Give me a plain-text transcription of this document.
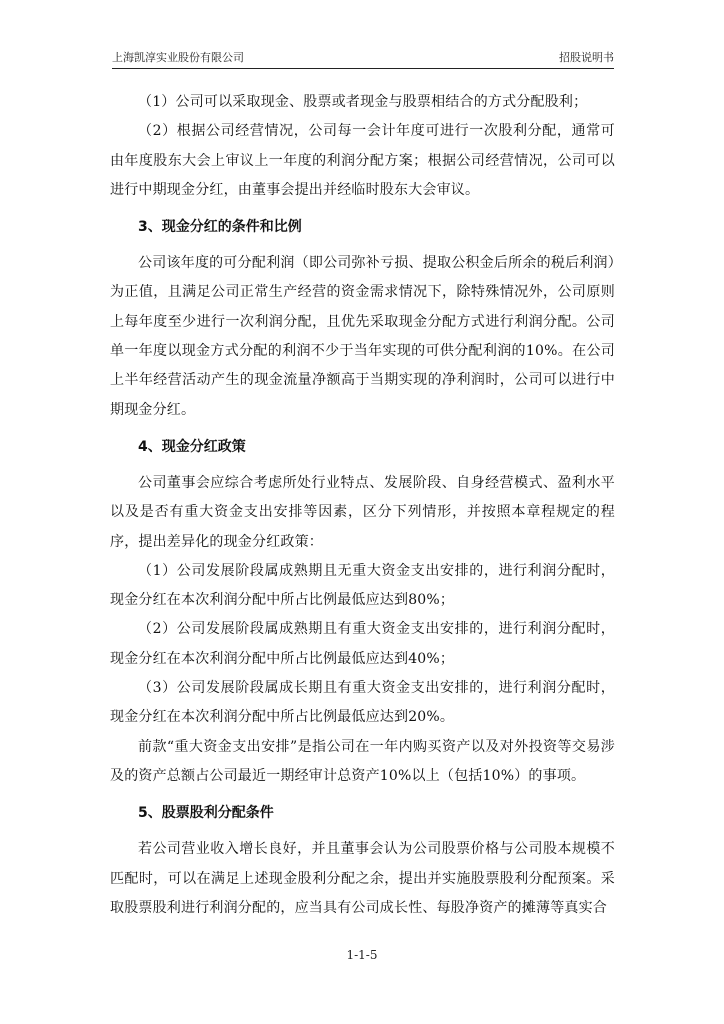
上海凯淳实业股份有限公司	招股说明书

（1）公司可以采取现金、股票或者现金与股票相结合的方式分配股利；

（2）根据公司经营情况，公司每一会计年度可进行一次股利分配，通常可由年度股东大会上审议上一年度的利润分配方案；根据公司经营情况，公司可以进行中期现金分红，由董事会提出并经临时股东大会审议。

3、现金分红的条件和比例

公司该年度的可分配利润（即公司弥补亏损、提取公积金后所余的税后利润）为正值，且满足公司正常生产经营的资金需求情况下，除特殊情况外，公司原则上每年度至少进行一次利润分配，且优先采取现金分配方式进行利润分配。公司单一年度以现金方式分配的利润不少于当年实现的可供分配利润的10%。在公司上半年经营活动产生的现金流量净额高于当期实现的净利润时，公司可以进行中期现金分红。

4、现金分红政策

公司董事会应综合考虑所处行业特点、发展阶段、自身经营模式、盈利水平以及是否有重大资金支出安排等因素，区分下列情形，并按照本章程规定的程序，提出差异化的现金分红政策：

（1）公司发展阶段属成熟期且无重大资金支出安排的，进行利润分配时，现金分红在本次利润分配中所占比例最低应达到80%；

（2）公司发展阶段属成熟期且有重大资金支出安排的，进行利润分配时，现金分红在本次利润分配中所占比例最低应达到40%；

（3）公司发展阶段属成长期且有重大资金支出安排的，进行利润分配时，现金分红在本次利润分配中所占比例最低应达到20%。

前款“重大资金支出安排”是指公司在一年内购买资产以及对外投资等交易涉及的资产总额占公司最近一期经审计总资产10%以上（包括10%）的事项。

5、股票股利分配条件

若公司营业收入增长良好，并且董事会认为公司股票价格与公司股本规模不匹配时，可以在满足上述现金股利分配之余，提出并实施股票股利分配预案。采取股票股利进行利润分配的，应当具有公司成长性、每股净资产的摊薄等真实合

1-1-5
